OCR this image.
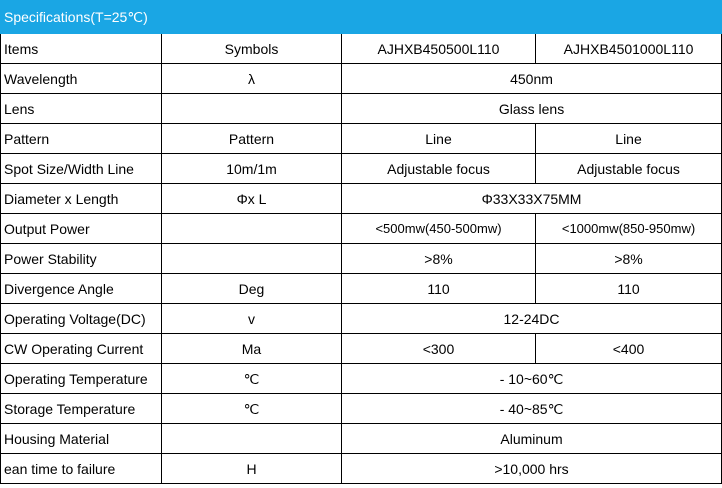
Specifications(T=25℃)			
Items	Symbols	AJHXB450500L110	AJHXB4501000L110
Wavelength	λ	450nm	
Lens		Glass lens	
Pattern	Pattern	Line	Line
Spot Size/Width Line	10m/1m	Adjustable focus	Adjustable focus
Diameter x Length	Φx L	Φ33X33X75MM	
Output Power		<500mw(450-500mw)	<1000mw(850-950mw)
Power Stability		>8%	>8%
Divergence Angle	Deg	110	110
Operating Voltage(DC)	v	12-24DC	
CW Operating Current	Ma	<300	<400
Operating Temperature	℃	- 10~60℃	
Storage Temperature	℃	- 40~85℃	
Housing Material		Aluminum	
ean time to failure	H	>10,000 hrs	
